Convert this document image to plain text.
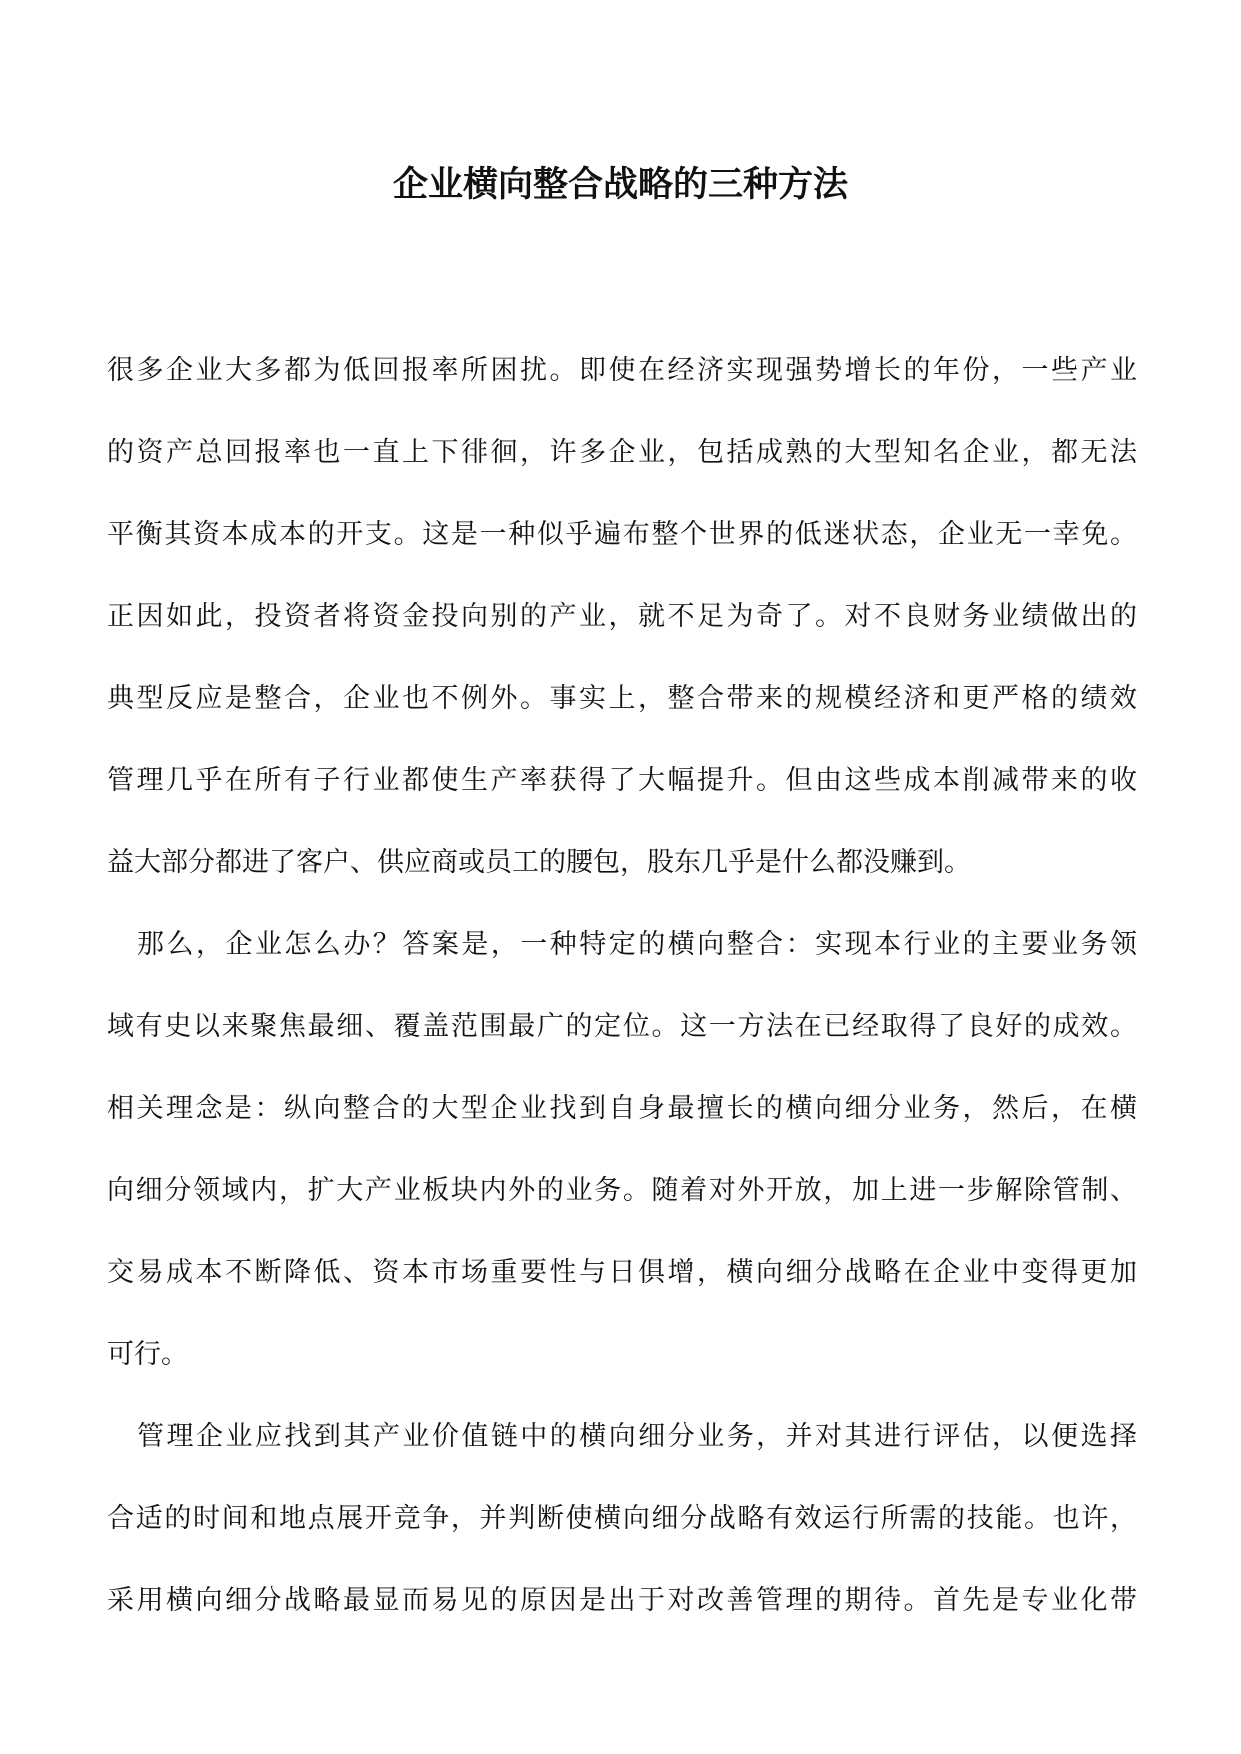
企业横向整合战略的三种方法
很多企业大多都为低回报率所困扰。即使在经济实现强势增长的年份，一些产业
的资产总回报率也一直上下徘徊，许多企业，包括成熟的大型知名企业，都无法
平衡其资本成本的开支。这是一种似乎遍布整个世界的低迷状态，企业无一幸免。
正因如此，投资者将资金投向别的产业，就不足为奇了。对不良财务业绩做出的
典型反应是整合，企业也不例外。事实上，整合带来的规模经济和更严格的绩效
管理几乎在所有子行业都使生产率获得了大幅提升。但由这些成本削减带来的收
益大部分都进了客户、供应商或员工的腰包，股东几乎是什么都没赚到。
那么，企业怎么办？答案是，一种特定的横向整合：实现本行业的主要业务领
域有史以来聚焦最细、覆盖范围最广的定位。这一方法在已经取得了良好的成效。
相关理念是：纵向整合的大型企业找到自身最擅长的横向细分业务，然后，在横
向细分领域内，扩大产业板块内外的业务。随着对外开放，加上进一步解除管制、
交易成本不断降低、资本市场重要性与日俱增，横向细分战略在企业中变得更加
可行。
管理企业应找到其产业价值链中的横向细分业务，并对其进行评估，以便选择
合适的时间和地点展开竞争，并判断使横向细分战略有效运行所需的技能。也许，
采用横向细分战略最显而易见的原因是出于对改善管理的期待。首先是专业化带
